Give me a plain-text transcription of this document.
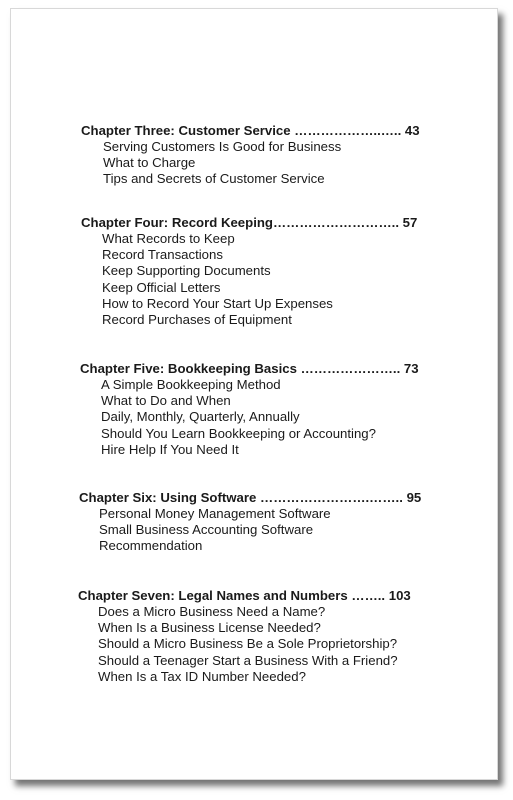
Chapter Three: Customer Service ………………..….. 43
Serving Customers Is Good for Business
What to Charge
Tips and Secrets of Customer Service
Chapter Four: Record Keeping……………………….. 57
What Records to Keep
Record Transactions
Keep Supporting Documents
Keep Official Letters
How to Record Your Start Up Expenses
Record Purchases of Equipment
Chapter Five: Bookkeeping Basics ………………….. 73
A Simple Bookkeeping Method
What to Do and When
Daily, Monthly, Quarterly, Annually
Should You Learn Bookkeeping or Accounting?
Hire Help If You Need It
Chapter Six: Using Software …………………….…….. 95
Personal Money Management Software
Small Business Accounting Software
Recommendation
Chapter Seven: Legal Names and Numbers …….. 103
Does a Micro Business Need a Name?
When Is a Business License Needed?
Should a Micro Business Be a Sole Proprietorship?
Should a Teenager Start a Business With a Friend?
When Is a Tax ID Number Needed?
